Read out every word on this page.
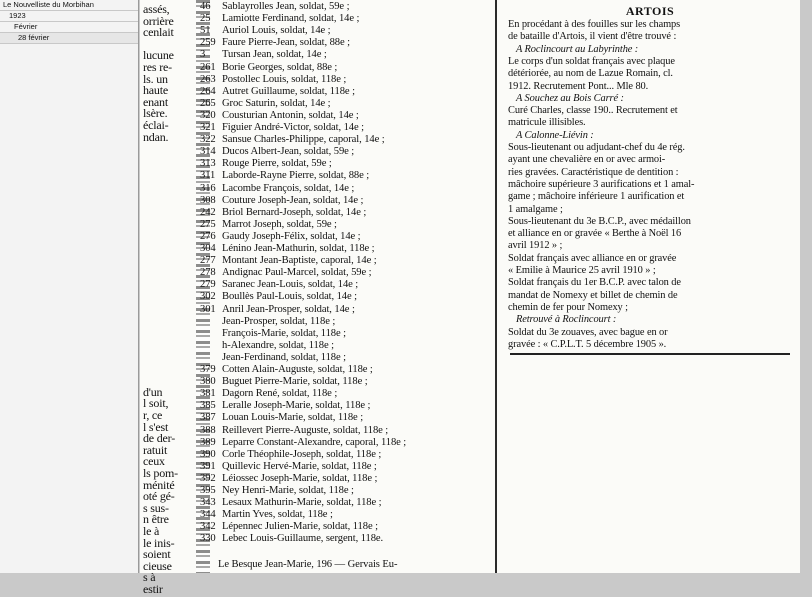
Le Nouvelliste du Morbihan
1923
Février
28 février
assés,
orrière
cenlait
lucune
res re-
ls. un
haute
enant
lsère.
éclai-
ndan.
d'un
l soit,
r, ce
l s'est
de der-
ratuit
ceux
ls pom-
ménité
oté gé-
s sus-
n être
le à
le inis-
soient
cieuse
s à
estir
46 Sablayrolles Jean, soldat, 59e ;
25 Lamiotte Ferdinand, soldat, 14e ;
51 Auriol Louis, soldat, 14e ;
259 Faure Pierre-Jean, soldat, 88e ;
3 Tursan Jean, soldat, 14e ;
261 Borie Georges, soldat, 88e ;
263 Postollec Louis, soldat, 118e ;
264 Autret Guillaume, soldat, 118e ;
265 Groc Saturin, soldat, 14e ;
320 Cousturian Antonin, soldat, 14e ;
321 Figuier André-Victor, soldat, 14e ;
322 Sansue Charles-Philippe, caporal, 14e ;
314 Ducos Albert-Jean, soldat, 59e ;
313 Rouge Pierre, soldat, 59e ;
311 Laborde-Rayne Pierre, soldat, 88e ;
316 Lacombe François, soldat, 14e ;
308 Couture Joseph-Jean, soldat, 14e ;
242 Briol Bernard-Joseph, soldat, 14e ;
275 Marrot Joseph, soldat, 59e ;
276 Gaudy Joseph-Félix, soldat, 14e ;
304 Lénino Jean-Mathurin, soldat, 118e ;
277 Montant Jean-Baptiste, caporal, 14e ;
278 Andignac Paul-Marcel, soldat, 59e ;
279 Saranec Jean-Louis, soldat, 14e ;
302 Boullès Paul-Louis, soldat, 14e ;
301 Anril Jean-Prosper, soldat, 14e ;
Jean-Prosper, soldat, 118e ;
François-Marie, soldat, 118e ;
h-Alexandre, soldat, 118e ;
Jean-Ferdinand, soldat, 118e ;
379 Cotten Alain-Auguste, soldat, 118e ;
380 Buguet Pierre-Marie, soldat, 118e ;
381 Dagorn René, soldat, 118e ;
385 Leralle Joseph-Marie, soldat, 118e ;
387 Louan Louis-Marie, soldat, 118e ;
388 Reillevert Pierre-Auguste, soldat, 118e ;
389 Leparre Constant-Alexandre, caporal, 118e ;
390 Corle Théophile-Joseph, soldat, 118e ;
391 Quillevic Hervé-Marie, soldat, 118e ;
392 Léiossec Joseph-Marie, soldat, 118e ;
395 Ney Henri-Marie, soldat, 118e ;
343 Lesaux Mathurin-Marie, soldat, 118e ;
344 Martin Yves, soldat, 118e ;
342 Lépennec Julien-Marie, soldat, 118e ;
330 Lebec Louis-Guillaume, sergent, 118e.
Le Besque Jean-Marie, 196 — Gervais Eu-
ARTOIS
En procédant à des fouilles sur les champs
de bataille d'Artois, il vient d'être trouvé :
A Roclincourt au Labyrinthe :
Le corps d'un soldat français avec plaque
détériorée, au nom de Lazue Romain, cl.
1912. Recrutement Pont... Mle 80.
A Souchez au Bois Carré :
Curé Charles, classe 190.. Recrutement et
matricule illisibles.
A Calonne-Liévin :
Sous-lieutenant ou adjudant-chef du 4e rég.
ayant une chevalière en or avec armoi-
ries gravées. Caractéristique de dentition :
mâchoire supérieure 3 aurifications et 1 amal-
game ; mâchoire inférieure 1 aurification et
1 amalgame ;
Sous-lieutenant du 3e B.C.P., avec médaillon
et alliance en or gravée « Berthe à Noël 16
avril 1912 » ;
Soldat français avec alliance en or gravée
« Emilie à Maurice 25 avril 1910 » ;
Soldat français du 1er B.C.P. avec talon de
mandat de Nomexy et billet de chemin de
chemin de fer pour Nomexy ;
Retrouvé à Roclincourt :
Soldat du 3e zouaves, avec bague en or
gravée : « C.P.L.T. 5 décembre 1905 ».
